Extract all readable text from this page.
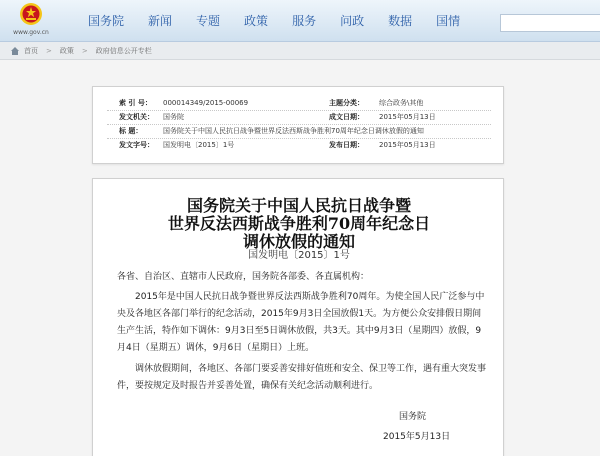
www.gov.cn
国务院	新闻	专题	政策	服务	问政	数据	国情
首页 > 政策 > 政府信息公开专栏
索 引 号： 000014349/2015-00069	主题分类： 综合政务\其他
发文机关： 国务院	成文日期： 2015年05月13日
标 题：	国务院关于中国人民抗日战争暨世界反法西斯战争胜利70周年纪念日调休放假的通知
发文字号： 国发明电〔2015〕1号	发布日期： 2015年05月13日
国务院关于中国人民抗日战争暨
世界反法西斯战争胜利70周年纪念日
调休放假的通知
国发明电〔2015〕1号
各省、自治区、直辖市人民政府，国务院各部委、各直属机构：
2015年是中国人民抗日战争暨世界反法西斯战争胜利70周年。为使全国人民广泛参与中央及各地区各部门举行的纪念活动，2015年9月3日全国放假1天。为方便公众安排假日期间生产生活，特作如下调休：9月3日至5日调休放假，共3天。其中9月3日（星期四）放假，9月4日（星期五）调休，9月6日（星期日）上班。
调休放假期间，各地区、各部门要妥善安排好值班和安全、保卫等工作，遇有重大突发事件，要按规定及时报告并妥善处置，确保有关纪念活动顺利进行。
国务院
2015年5月13日
